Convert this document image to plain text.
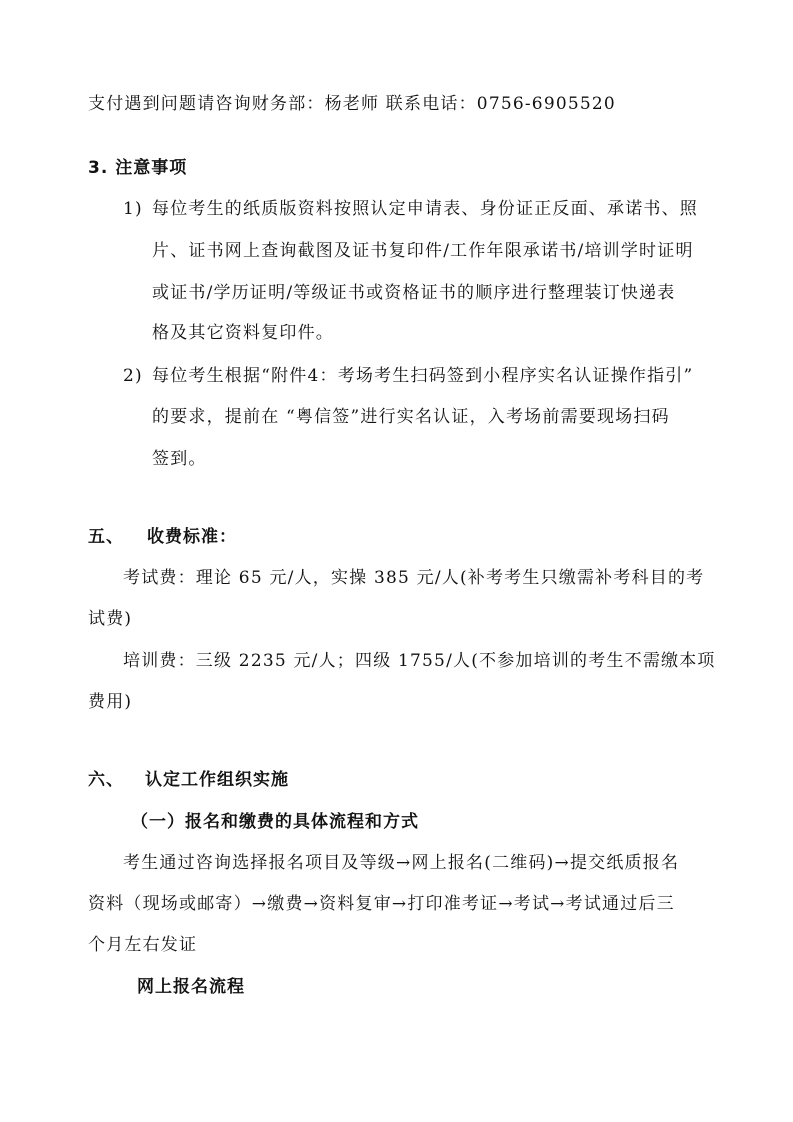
支付遇到问题请咨询财务部：杨老师 联系电话：0756-6905520
3. 注意事项
1) 每位考生的纸质版资料按照认定申请表、身份证正反面、承诺书、照
片、证书网上查询截图及证书复印件/工作年限承诺书/培训学时证明
或证书/学历证明/等级证书或资格证书的顺序进行整理装订快递表
格及其它资料复印件。
2) 每位考生根据“附件4：考场考生扫码签到小程序实名认证操作指引”
的要求，提前在 “粤信签”进行实名认证，入考场前需要现场扫码
签到。
五、 收费标准：
考试费：理论 65 元/人，实操 385 元/人(补考考生只缴需补考科目的考
试费)
培训费：三级 2235 元/人；四级 1755/人(不参加培训的考生不需缴本项
费用)
六、 认定工作组织实施
（一）报名和缴费的具体流程和方式
考生通过咨询选择报名项目及等级→网上报名(二维码)→提交纸质报名
资料（现场或邮寄）→缴费→资料复审→打印准考证→考试→考试通过后三
个月左右发证
网上报名流程
